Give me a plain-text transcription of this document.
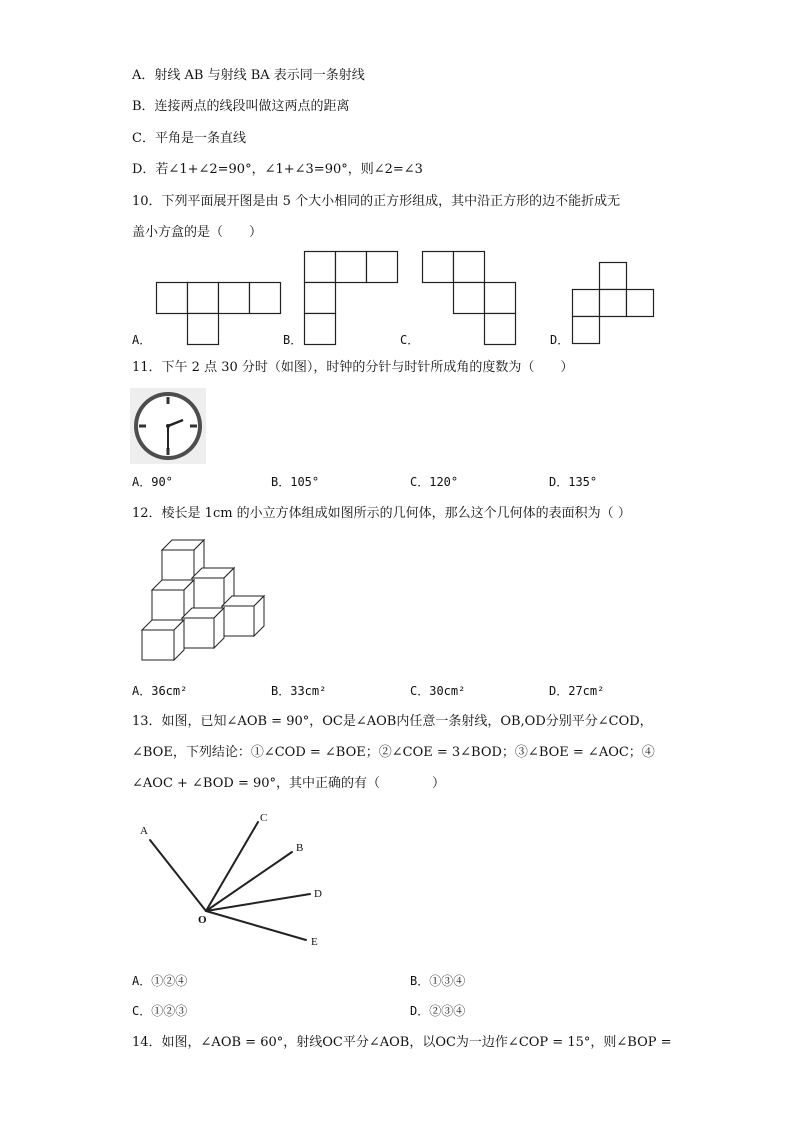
A．射线 AB 与射线 BA 表示同一条射线
B．连接两点的线段叫做这两点的距离
C．平角是一条直线
D．若∠1+∠2=90°，∠1+∠3=90°，则∠2=∠3
10．下列平面展开图是由 5 个大小相同的正方形组成，其中沿正方形的边不能折成无
盖小方盒的是（　　）
A．	B．	C．	D．
11．下午 2 点 30 分时（如图），时钟的分针与时针所成角的度数为（　　）
A．90°	B．105°	C．120°	D．135°
12．棱长是 1cm 的小立方体组成如图所示的几何体，那么这个几何体的表面积为（ ）
A．36cm²	B．33cm²	C．30cm²	D．27cm²
13．如图，已知∠AOB = 90°，OC是∠AOB内任意一条射线，OB,OD分别平分∠COD，
∠BOE，下列结论：①∠COD = ∠BOE；②∠COE = 3∠BOD；③∠BOE = ∠AOC；④
∠AOC + ∠BOD = 90°，其中正确的有（　　　　）
A
C
B
D
O
E
A．①②④	B．①③④
C．①②③	D．②③④
14．如图，∠AOB = 60°，射线OC平分∠AOB，以OC为一边作∠COP = 15°，则∠BOP =
